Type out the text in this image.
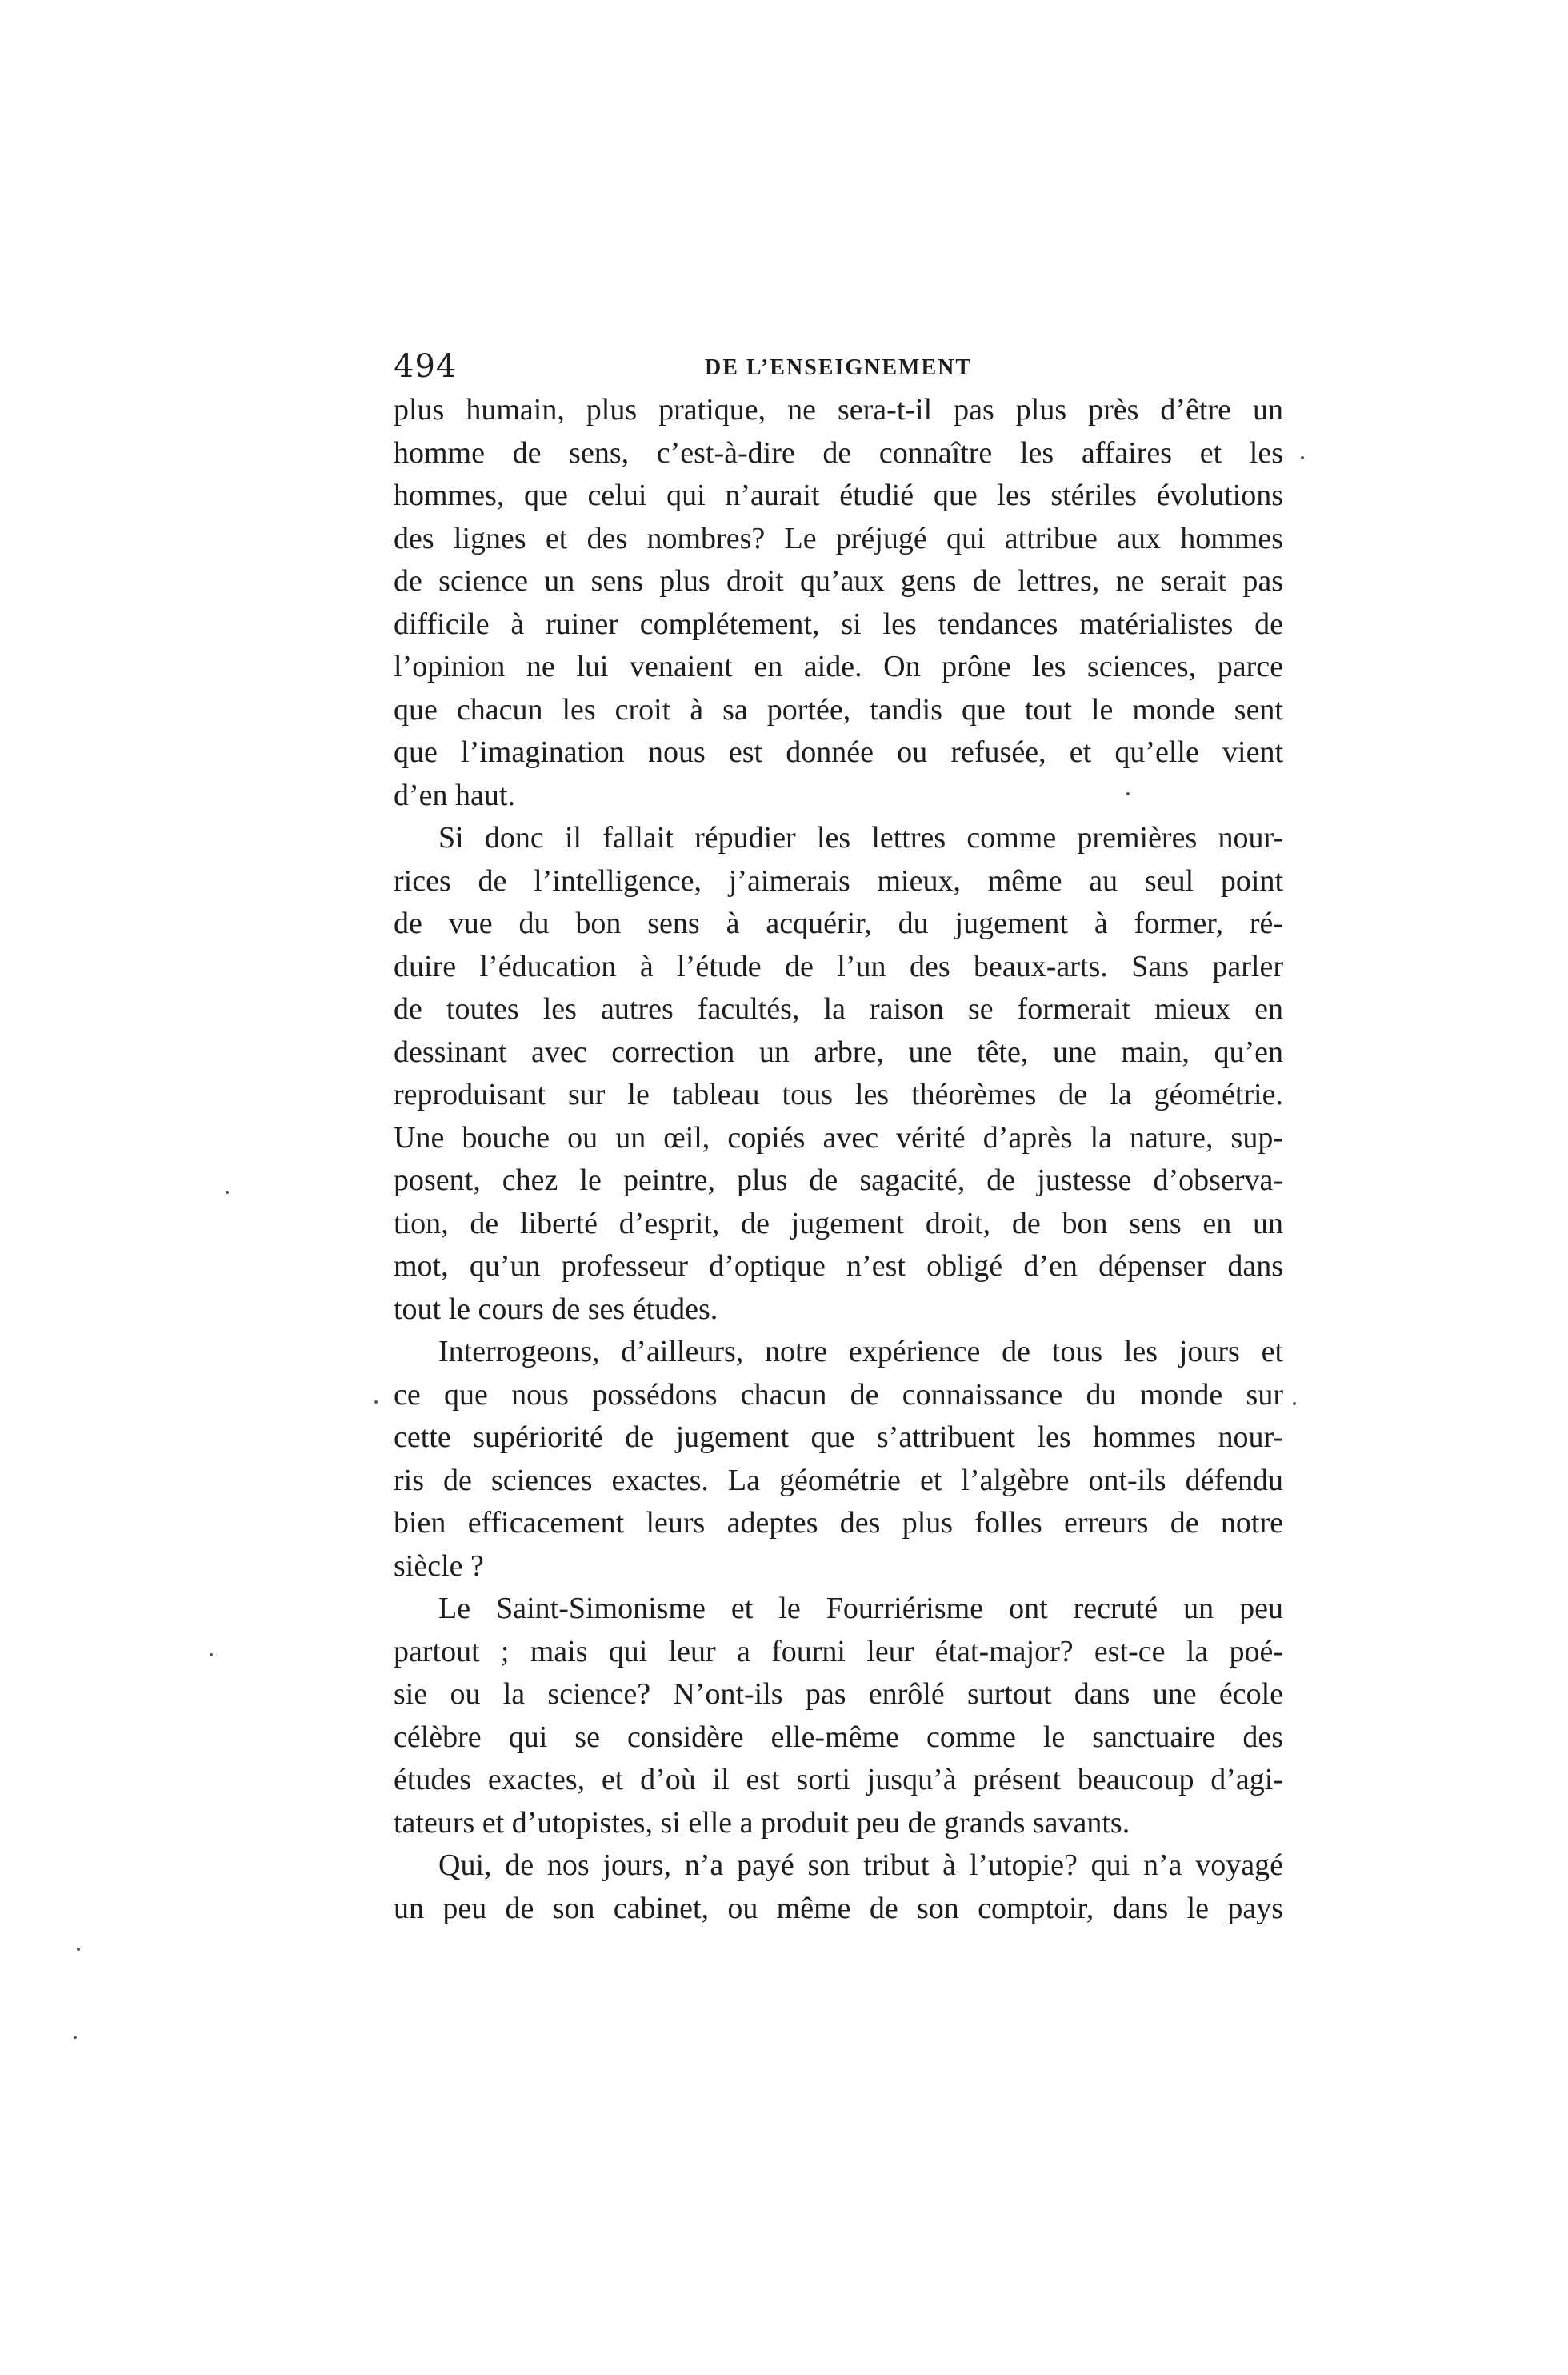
494	DE L’ENSEIGNEMENT
plus humain, plus pratique, ne sera-t-il pas plus près d’être un
homme de sens, c’est-à-dire de connaître les affaires et les
hommes, que celui qui n’aurait étudié que les stériles évolutions
des lignes et des nombres? Le préjugé qui attribue aux hommes
de science un sens plus droit qu’aux gens de lettres, ne serait pas
difficile à ruiner complétement, si les tendances matérialistes de
l’opinion ne lui venaient en aide. On prône les sciences, parce
que chacun les croit à sa portée, tandis que tout le monde sent
que l’imagination nous est donnée ou refusée, et qu’elle vient
d’en haut.
Si donc il fallait répudier les lettres comme premières nour-
rices de l’intelligence, j’aimerais mieux, même au seul point
de vue du bon sens à acquérir, du jugement à former, ré-
duire l’éducation à l’étude de l’un des beaux-arts. Sans parler
de toutes les autres facultés, la raison se formerait mieux en
dessinant avec correction un arbre, une tête, une main, qu’en
reproduisant sur le tableau tous les théorèmes de la géométrie.
Une bouche ou un œil, copiés avec vérité d’après la nature, sup-
posent, chez le peintre, plus de sagacité, de justesse d’observa-
tion, de liberté d’esprit, de jugement droit, de bon sens en un
mot, qu’un professeur d’optique n’est obligé d’en dépenser dans
tout le cours de ses études.
Interrogeons, d’ailleurs, notre expérience de tous les jours et
ce que nous possédons chacun de connaissance du monde sur
cette supériorité de jugement que s’attribuent les hommes nour-
ris de sciences exactes. La géométrie et l’algèbre ont-ils défendu
bien efficacement leurs adeptes des plus folles erreurs de notre
siècle ?
Le Saint-Simonisme et le Fourriérisme ont recruté un peu
partout ; mais qui leur a fourni leur état-major? est-ce la poé-
sie ou la science? N’ont-ils pas enrôlé surtout dans une école
célèbre qui se considère elle-même comme le sanctuaire des
études exactes, et d’où il est sorti jusqu’à présent beaucoup d’agi-
tateurs et d’utopistes, si elle a produit peu de grands savants.
Qui, de nos jours, n’a payé son tribut à l’utopie? qui n’a voyagé
un peu de son cabinet, ou même de son comptoir, dans le pays
